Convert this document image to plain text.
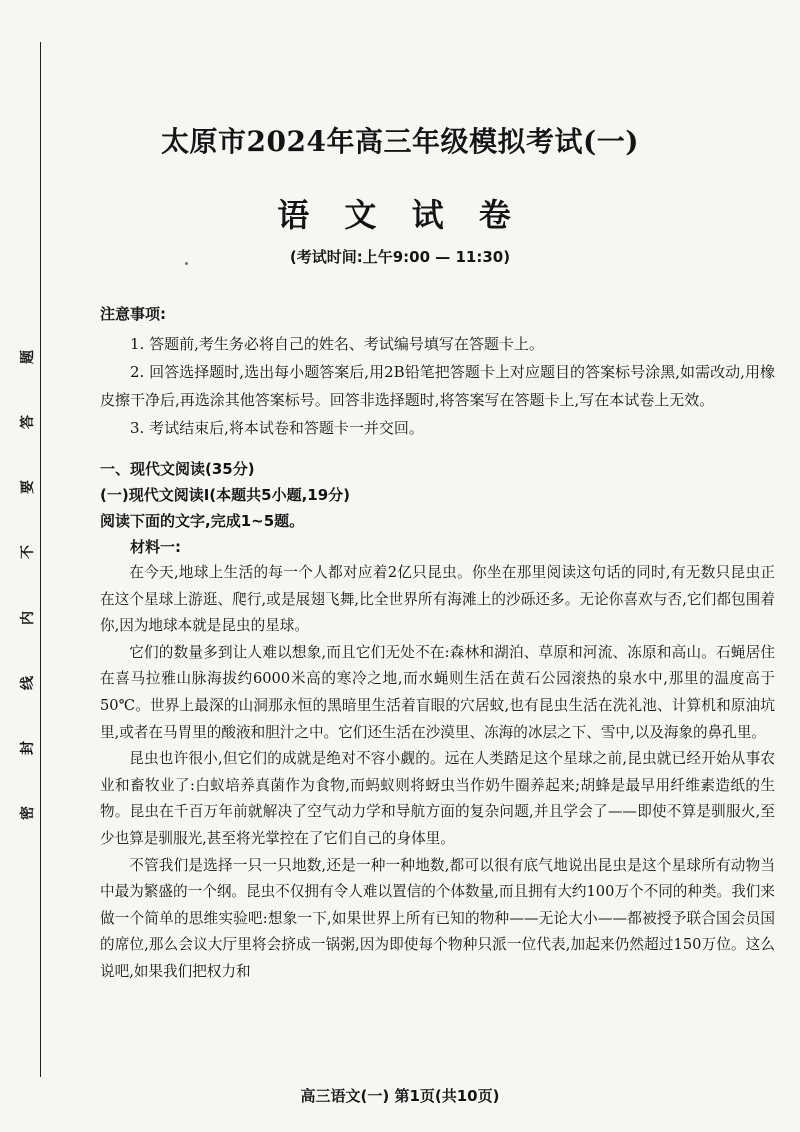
题
答
要
不
内
线
封
密
太原市2024年高三年级模拟考试(一)
语 文 试 卷
(考试时间:上午9:00 — 11:30)
注意事项:
1. 答题前,考生务必将自己的姓名、考试编号填写在答题卡上。
2. 回答选择题时,选出每小题答案后,用2B铅笔把答题卡上对应题目的答案标号涂黑,如需改动,用橡皮擦干净后,再选涂其他答案标号。回答非选择题时,将答案写在答题卡上,写在本试卷上无效。
3. 考试结束后,将本试卷和答题卡一并交回。
一、现代文阅读(35分)
(一)现代文阅读Ⅰ(本题共5小题,19分)
阅读下面的文字,完成1~5题。
材料一:
在今天,地球上生活的每一个人都对应着2亿只昆虫。你坐在那里阅读这句话的同时,有无数只昆虫正在这个星球上游逛、爬行,或是展翅飞舞,比全世界所有海滩上的沙砾还多。无论你喜欢与否,它们都包围着你,因为地球本就是昆虫的星球。
它们的数量多到让人难以想象,而且它们无处不在:森林和湖泊、草原和河流、冻原和高山。石蝇居住在喜马拉雅山脉海拔约6000米高的寒冷之地,而水蝇则生活在黄石公园滚热的泉水中,那里的温度高于50℃。世界上最深的山洞那永恒的黑暗里生活着盲眼的穴居蚊,也有昆虫生活在洗礼池、计算机和原油坑里,或者在马胃里的酸液和胆汁之中。它们还生活在沙漠里、冻海的冰层之下、雪中,以及海象的鼻孔里。
昆虫也许很小,但它们的成就是绝对不容小觑的。远在人类踏足这个星球之前,昆虫就已经开始从事农业和畜牧业了:白蚁培养真菌作为食物,而蚂蚁则将蚜虫当作奶牛圈养起来;胡蜂是最早用纤维素造纸的生物。昆虫在千百万年前就解决了空气动力学和导航方面的复杂问题,并且学会了——即使不算是驯服火,至少也算是驯服光,甚至将光掌控在了它们自己的身体里。
不管我们是选择一只一只地数,还是一种一种地数,都可以很有底气地说出昆虫是这个星球所有动物当中最为繁盛的一个纲。昆虫不仅拥有令人难以置信的个体数量,而且拥有大约100万个不同的种类。我们来做一个简单的思维实验吧:想象一下,如果世界上所有已知的物种——无论大小——都被授予联合国会员国的席位,那么会议大厅里将会挤成一锅粥,因为即使每个物种只派一位代表,加起来仍然超过150万位。这么说吧,如果我们把权力和
高三语文(一) 第1页(共10页)
